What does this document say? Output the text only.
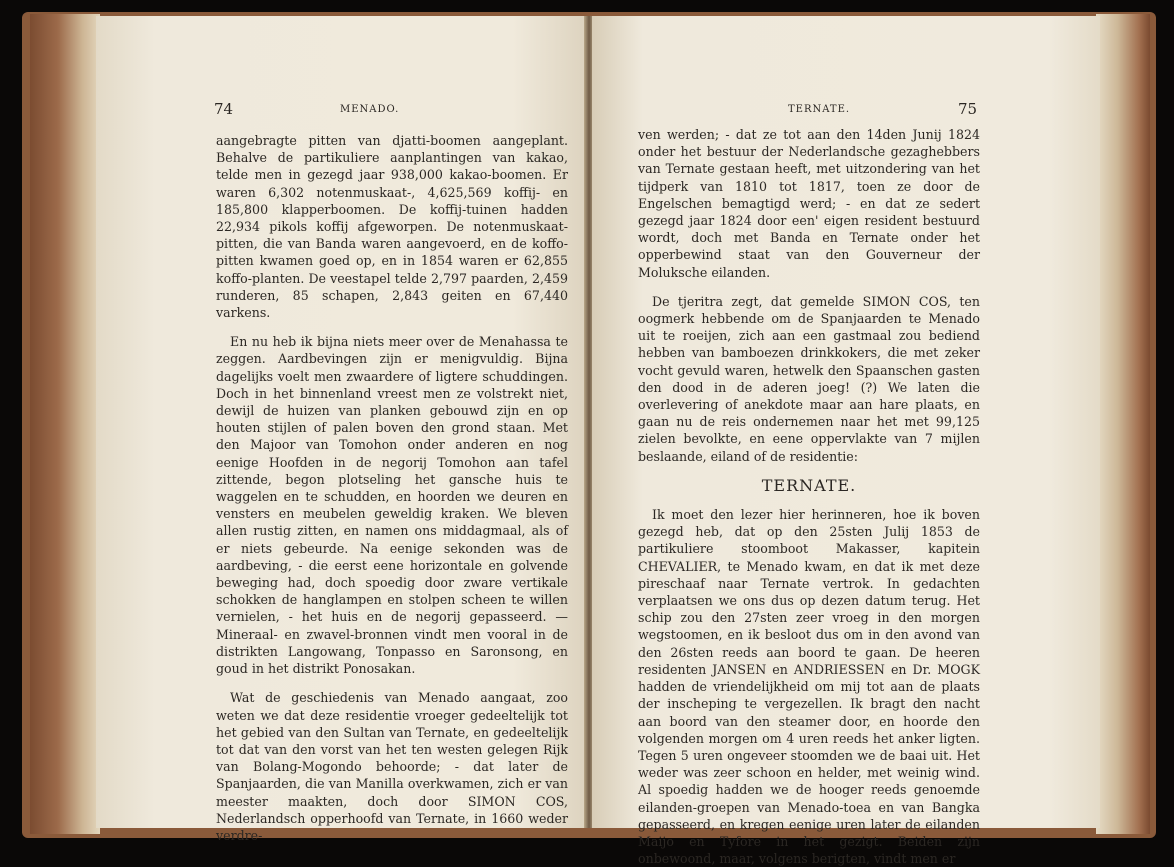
74	MENADO.

aangebragte pitten van djatti-boomen aangeplant. Behalve de partikuliere aanplantingen van kakao, telde men in gezegd jaar 938,000 kakao-boomen. Er waren 6,302 notenmuskaat-, 4,625,569 koffij- en 185,800 klapperboomen. De koffij-tuinen hadden 22,934 pikols koffij afgeworpen. De notenmuskaat-pitten, die van Banda waren aangevoerd, en de koffo-pitten kwamen goed op, en in 1854 waren er 62,855 koffo-planten. De veestapel telde 2,797 paarden, 2,459 runderen, 85 schapen, 2,843 geiten en 67,440 varkens.

En nu heb ik bijna niets meer over de Menahassa te zeggen. Aardbevingen zijn er menigvuldig. Bijna dagelijks voelt men zwaardere of ligtere schuddingen. Doch in het binnenland vreest men ze volstrekt niet, dewijl de huizen van planken gebouwd zijn en op houten stijlen of palen boven den grond staan. Met den Majoor van Tomohon onder anderen en nog eenige Hoofden in de negorij Tomohon aan tafel zittende, begon plotseling het gansche huis te waggelen en te schudden, en hoorden we deuren en vensters en meubelen geweldig kraken. We bleven allen rustig zitten, en namen ons middagmaal, als of er niets gebeurde. Na eenige sekonden was de aardbeving, - die eerst eene horizontale en golvende beweging had, doch spoedig door zware vertikale schokken de hanglampen en stolpen scheen te willen vernielen, - het huis en de negorij gepasseerd. — Mineraal- en zwavel-bronnen vindt men vooral in de distrikten Langowang, Tonpasso en Saronsong, en goud in het distrikt Ponosakan.

Wat de geschiedenis van Menado aangaat, zoo weten we dat deze residentie vroeger gedeeltelijk tot het gebied van den Sultan van Ternate, en gedeeltelijk tot dat van den vorst van het ten westen gelegen Rijk van Bolang-Mogondo behoorde; - dat later de Spanjaarden, die van Manilla overkwamen, zich er van meester maakten, doch door SIMON COS, Nederlandsch opperhoofd van Ternate, in 1660 weder verdre-

TERNATE.	75

ven werden; - dat ze tot aan den 14den Junij 1824 onder het bestuur der Nederlandsche gezaghebbers van Ternate gestaan heeft, met uitzondering van het tijdperk van 1810 tot 1817, toen ze door de Engelschen bemagtigd werd; - en dat ze sedert gezegd jaar 1824 door een' eigen resident bestuurd wordt, doch met Banda en Ternate onder het opperbewind staat van den Gouverneur der Moluksche eilanden.

De tjeritra zegt, dat gemelde SIMON COS, ten oogmerk hebbende om de Spanjaarden te Menado uit te roeijen, zich aan een gastmaal zou bediend hebben van bamboezen drinkkokers, die met zeker vocht gevuld waren, hetwelk den Spaanschen gasten den dood in de aderen joeg! (?) We laten die overlevering of anekdote maar aan hare plaats, en gaan nu de reis ondernemen naar het met 99,125 zielen bevolkte, en eene oppervlakte van 7 mijlen beslaande, eiland of de residentie:

TERNATE.

Ik moet den lezer hier herinneren, hoe ik boven gezegd heb, dat op den 25sten Julij 1853 de partikuliere stoomboot Makasser, kapitein CHEVALIER, te Menado kwam, en dat ik met deze pireschaaf naar Ternate vertrok. In gedachten verplaatsen we ons dus op dezen datum terug. Het schip zou den 27sten zeer vroeg in den morgen wegstoomen, en ik besloot dus om in den avond van den 26sten reeds aan boord te gaan. De heeren residenten JANSEN en ANDRIESSEN en Dr. MOGK hadden de vriendelijkheid om mij tot aan de plaats der inscheping te vergezellen. Ik bragt den nacht aan boord van den steamer door, en hoorde den volgenden morgen om 4 uren reeds het anker ligten. Tegen 5 uren ongeveer stoomden we de baai uit. Het weder was zeer schoon en helder, met weinig wind. Al spoedig hadden we de hooger reeds genoemde eilanden-groepen van Menado-toea en van Bangka gepasseerd, en kregen eenige uren later de eilanden Maijo en Tyfore in het gezigt. Beiden zijn onbewoond, maar, volgens berigten, vindt men er
